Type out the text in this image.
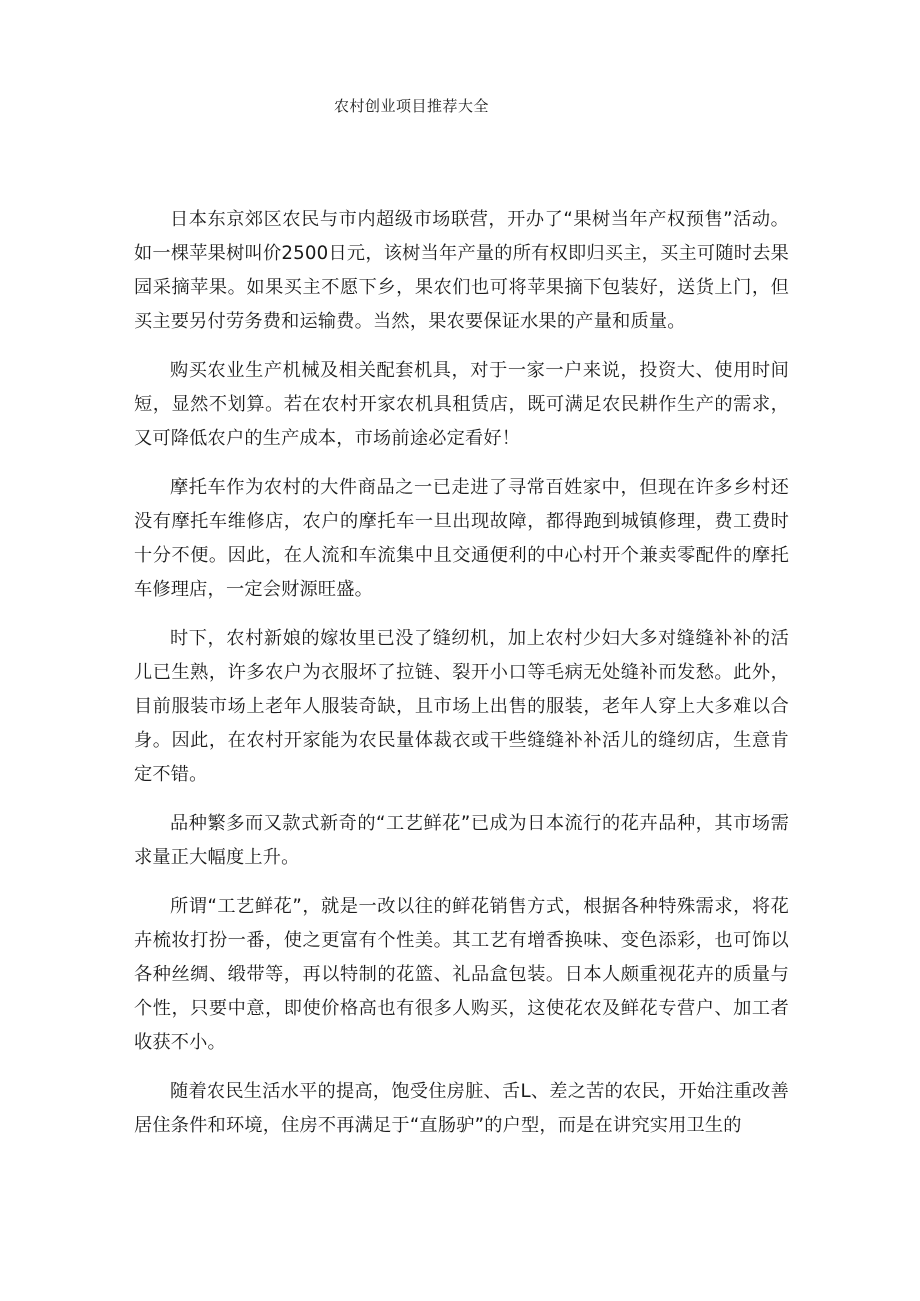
农村创业项目推荐大全

日本东京郊区农民与市内超级市场联营，开办了“果树当年产权预售”活动。如一棵苹果树叫价2500日元，该树当年产量的所有权即归买主，买主可随时去果园采摘苹果。如果买主不愿下乡，果农们也可将苹果摘下包装好，送货上门，但买主要另付劳务费和运输费。当然，果农要保证水果的产量和质量。

购买农业生产机械及相关配套机具，对于一家一户来说，投资大、使用时间短，显然不划算。若在农村开家农机具租赁店，既可满足农民耕作生产的需求，又可降低农户的生产成本，市场前途必定看好！

摩托车作为农村的大件商品之一已走进了寻常百姓家中，但现在许多乡村还没有摩托车维修店，农户的摩托车一旦出现故障，都得跑到城镇修理，费工费时十分不便。因此，在人流和车流集中且交通便利的中心村开个兼卖零配件的摩托车修理店，一定会财源旺盛。

时下，农村新娘的嫁妆里已没了缝纫机，加上农村少妇大多对缝缝补补的活儿已生熟，许多农户为衣服坏了拉链、裂开小口等毛病无处缝补而发愁。此外，目前服装市场上老年人服装奇缺，且市场上出售的服装，老年人穿上大多难以合身。因此，在农村开家能为农民量体裁衣或干些缝缝补补活儿的缝纫店，生意肯定不错。

品种繁多而又款式新奇的“工艺鲜花”已成为日本流行的花卉品种，其市场需求量正大幅度上升。

所谓“工艺鲜花”，就是一改以往的鲜花销售方式，根据各种特殊需求，将花卉梳妆打扮一番，使之更富有个性美。其工艺有增香换味、变色添彩，也可饰以各种丝绸、缎带等，再以特制的花篮、礼品盒包装。日本人颇重视花卉的质量与个性，只要中意，即使价格高也有很多人购买，这使花农及鲜花专营户、加工者收获不小。

随着农民生活水平的提高，饱受住房脏、舌L、差之苦的农民，开始注重改善居住条件和环境，住房不再满足于“直肠驴”的户型，而是在讲究实用卫生的
